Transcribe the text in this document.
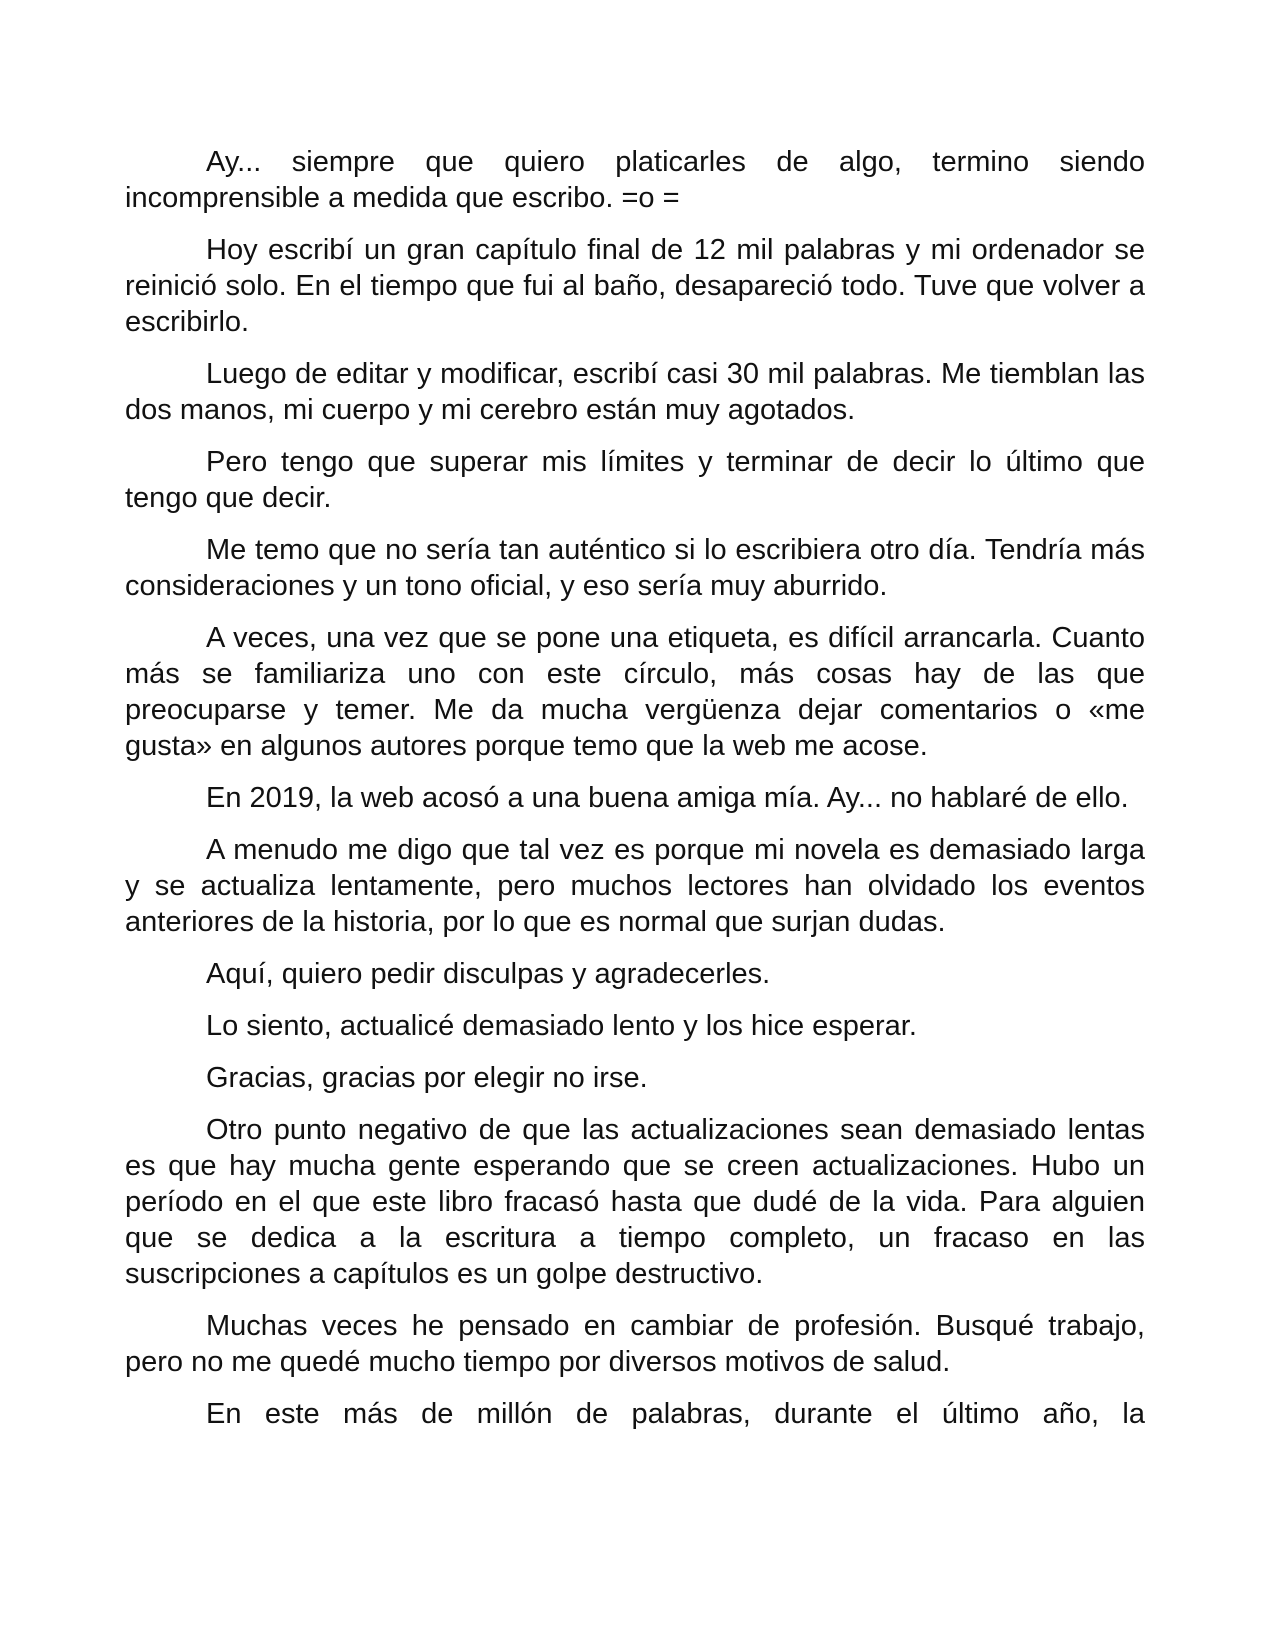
Ay... siempre que quiero platicarles de algo, termino siendo incomprensible a medida que escribo. =o =

Hoy escribí un gran capítulo final de 12 mil palabras y mi ordenador se reinició solo. En el tiempo que fui al baño, desapareció todo. Tuve que volver a escribirlo.

Luego de editar y modificar, escribí casi 30 mil palabras. Me tiemblan las dos manos, mi cuerpo y mi cerebro están muy agotados.

Pero tengo que superar mis límites y terminar de decir lo último que tengo que decir.

Me temo que no sería tan auténtico si lo escribiera otro día. Tendría más consideraciones y un tono oficial, y eso sería muy aburrido.

A veces, una vez que se pone una etiqueta, es difícil arrancarla. Cuanto más se familiariza uno con este círculo, más cosas hay de las que preocuparse y temer. Me da mucha vergüenza dejar comentarios o «me gusta» en algunos autores porque temo que la web me acose.

En 2019, la web acosó a una buena amiga mía. Ay... no hablaré de ello.

A menudo me digo que tal vez es porque mi novela es demasiado larga y se actualiza lentamente, pero muchos lectores han olvidado los eventos anteriores de la historia, por lo que es normal que surjan dudas.

Aquí, quiero pedir disculpas y agradecerles.

Lo siento, actualicé demasiado lento y los hice esperar.

Gracias, gracias por elegir no irse.

Otro punto negativo de que las actualizaciones sean demasiado lentas es que hay mucha gente esperando que se creen actualizaciones. Hubo un período en el que este libro fracasó hasta que dudé de la vida. Para alguien que se dedica a la escritura a tiempo completo, un fracaso en las suscripciones a capítulos es un golpe destructivo.

Muchas veces he pensado en cambiar de profesión. Busqué trabajo, pero no me quedé mucho tiempo por diversos motivos de salud.

En este más de millón de palabras, durante el último año, la
